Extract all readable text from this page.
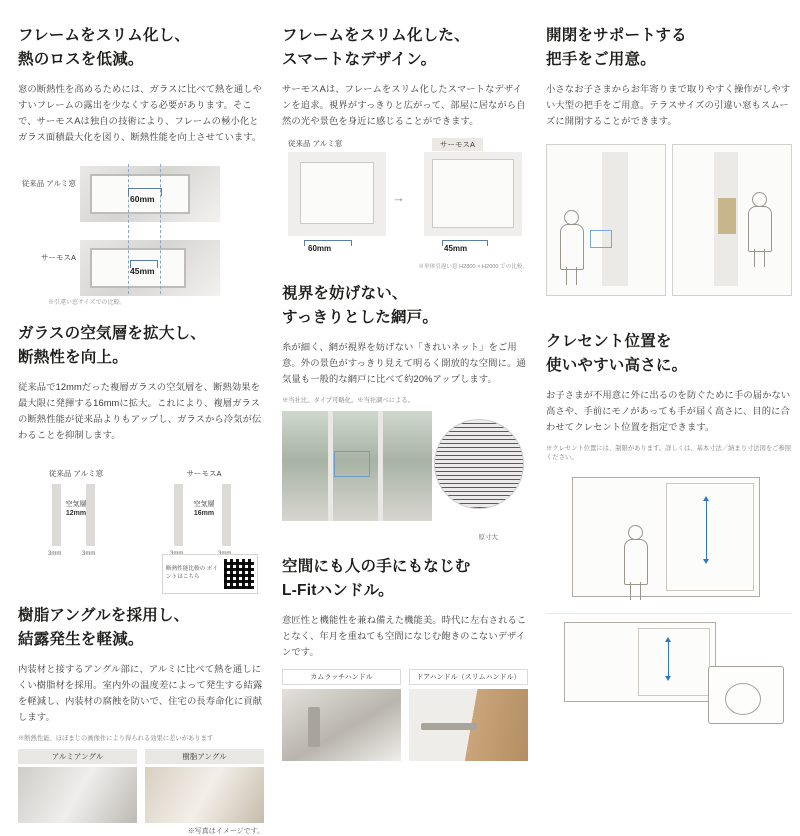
フレームをスリム化し、
熱のロスを低減。

窓の断熱性を高めるためには、ガラスに比べて熱を通しやすいフレームの露出を少なくする必要があります。そこで、サーモスAは独自の技術により、フレームの極小化とガラス面積最大化を図り、断熱性能を向上させています。

従来品 アルミ窓
サーモスA
60mm
45mm
※引違い窓サイズでの比較。
ガラスの空気層を拡大し、
断熱性を向上。

従来品で12mmだった複層ガラスの空気層を、断熱効果を最大限に発揮する16mmに拡大。これにより、複層ガラスの断熱性能が従来品よりもアップし、ガラスから冷気が伝わることを抑制します。

従来品 アルミ窓
3mm	3mm
空気層
12mm
サーモスA
空気層
16mm
断熱性能比較の ポイントはこちら
樹脂アングルを採用し、
結露発生を軽減。

内装材と接するアングル部に、アルミに比べて熱を通しにくい樹脂材を採用。室内外の温度差によって発生する結露を軽減し、内装材の腐蝕を防いで、住宅の長寿命化に貢献します。

※断熱性能、ほぼまじの画像作により得られる効果に差いがあります

アルミアングル	樹脂アングル
※写真はイメージです。
フレームをスリム化した、
スマートなデザイン。

サーモスAは、フレームをスリム化したスマートなデザインを追求。視界がすっきりと広がって、部屋に居ながら自然の光や景色を身近に感じることができます。

従来品 アルミ窓	サーモスA
→
60mm	45mm
※単体引違い窓 H2800 × H2000 での比較。
視界を妨げない、
すっきりとした網戸。

糸が細く、網が視界を妨げない「きれいネット」をご用意。外の景色がすっきり見えて明るく開放的な空間に。通気量も一般的な網戸に比べて約20%アップします。

※当社比。タイプ可略化。※当社調べによる。

原寸大
空間にも人の手にもなじむ
L-Fitハンドル。

意匠性と機能性を兼ね備えた機能美。時代に左右されることなく、年月を重ねても空間になじむ飽きのこないデザインです。

カムラッチハンドル	ドアハンドル（スリムハンドル）
開閉をサポートする
把手をご用意。

小さなお子さまからお年寄りまで取りやすく操作がしやすい大型の把手をご用意。テラスサイズの引違い窓もスムーズに開閉することができます。

クレセント位置を
使いやすい高さに。

お子さまが不用意に外に出るのを防ぐために手の届かない高さや、手前にモノがあっても手が届く高さに、目的に合わせてクレセント位置を指定できます。

※クレセント位置には、制限があります。詳しくは、基本寸法／納まり寸法図をご参照ください。
